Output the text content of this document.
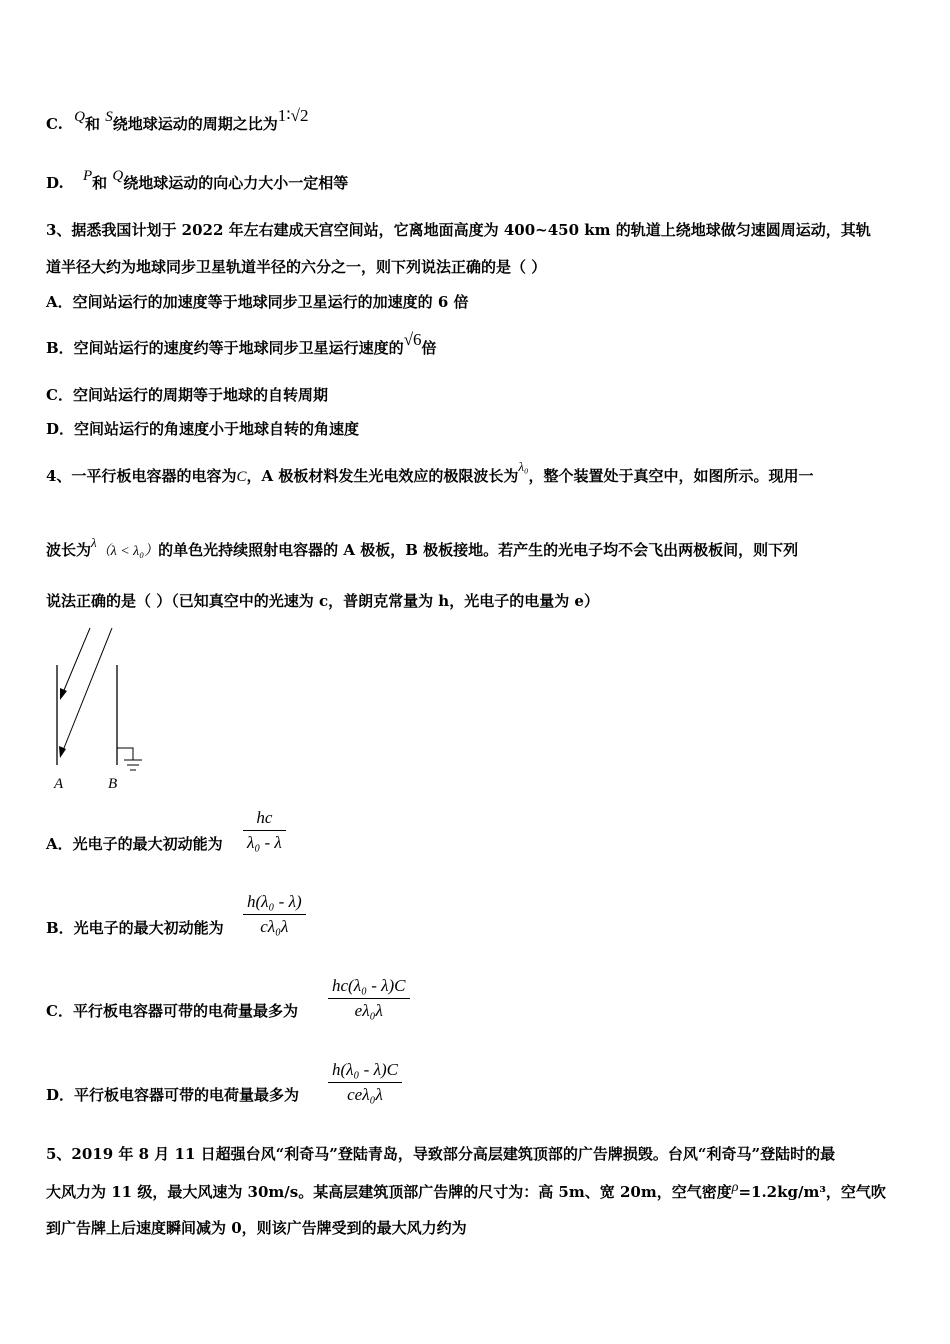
C. Q和 S绕地球运动的周期之比为1∶√2
D. P和 Q绕地球运动的向心力大小一定相等
3、据悉我国计划于 2022 年左右建成天宫空间站，它离地面高度为 400~450 km 的轨道上绕地球做匀速圆周运动，其轨
道半径大约为地球同步卫星轨道半径的六分之一，则下列说法正确的是（ ）
A．空间站运行的加速度等于地球同步卫星运行的加速度的 6 倍
B．空间站运行的速度约等于地球同步卫星运行速度的√6倍
C．空间站运行的周期等于地球的自转周期
D．空间站运行的角速度小于地球自转的角速度
4、一平行板电容器的电容为C，A 极板材料发生光电效应的极限波长为λ₀，整个装置处于真空中，如图所示。现用一
波长为λ（λ < λ₀）的单色光持续照射电容器的 A 极板，B 极板接地。若产生的光电子均不会飞出两极板间，则下列
说法正确的是（ ）（已知真空中的光速为 c，普朗克常量为 h，光电子的电量为 e）
A	B
A．光电子的最大初动能为
hc
λ₀ - λ
B．光电子的最大初动能为
h(λ₀ - λ)
cλ₀λ
C．平行板电容器可带的电荷量最多为
hc(λ₀ - λ)C
eλ₀λ
D．平行板电容器可带的电荷量最多为
h(λ₀ - λ)C
ceλ₀λ
5、2019 年 8 月 11 日超强台风“利奇马”登陆青岛，导致部分高层建筑顶部的广告牌损毁。台风“利奇马”登陆时的最
大风力为 11 级，最大风速为 30m/s。某高层建筑顶部广告牌的尺寸为：高 5m、宽 20m，空气密度ρ=1.2kg/m³，空气吹
到广告牌上后速度瞬间减为 0，则该广告牌受到的最大风力约为
